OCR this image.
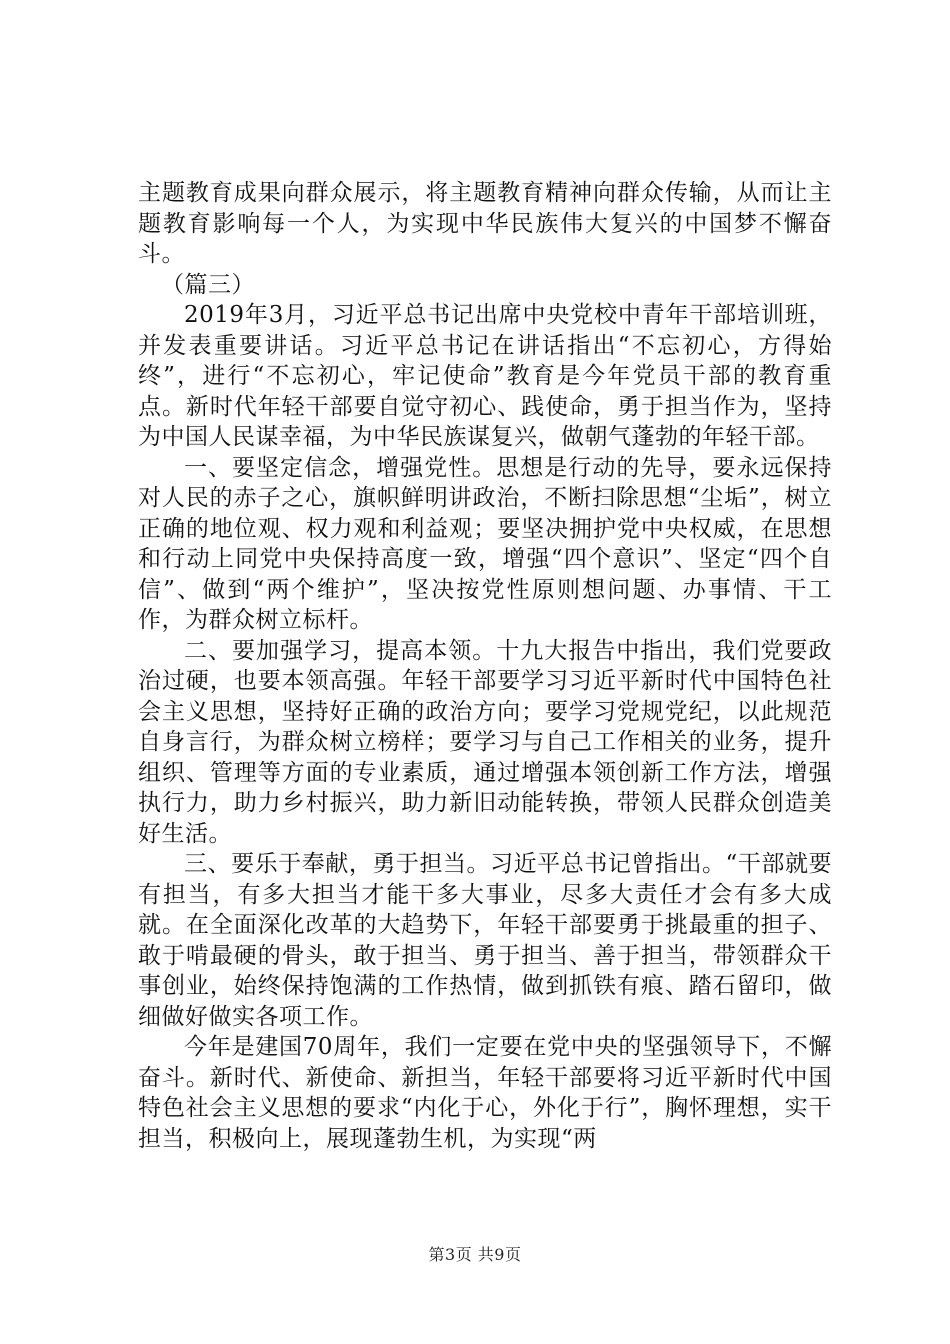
主题教育成果向群众展示，将主题教育精神向群众传输，从而让主题教育影响每一个人，为实现中华民族伟大复兴的中国梦不懈奋斗。

（篇三）

2019年3月，习近平总书记出席中央党校中青年干部培训班，并发表重要讲话。习近平总书记在讲话指出“不忘初心，方得始终”，进行“不忘初心，牢记使命”教育是今年党员干部的教育重点。新时代年轻干部要自觉守初心、践使命，勇于担当作为，坚持为中国人民谋幸福，为中华民族谋复兴，做朝气蓬勃的年轻干部。

一、要坚定信念，增强党性。思想是行动的先导，要永远保持对人民的赤子之心，旗帜鲜明讲政治，不断扫除思想“尘垢”，树立正确的地位观、权力观和利益观；要坚决拥护党中央权威，在思想和行动上同党中央保持高度一致，增强“四个意识”、坚定“四个自信”、做到“两个维护”，坚决按党性原则想问题、办事情、干工作，为群众树立标杆。

二、要加强学习，提高本领。十九大报告中指出，我们党要政治过硬，也要本领高强。年轻干部要学习习近平新时代中国特色社会主义思想，坚持好正确的政治方向；要学习党规党纪，以此规范自身言行，为群众树立榜样；要学习与自己工作相关的业务，提升组织、管理等方面的专业素质，通过增强本领创新工作方法，增强执行力，助力乡村振兴，助力新旧动能转换，带领人民群众创造美好生活。

三、要乐于奉献，勇于担当。习近平总书记曾指出。“干部就要有担当，有多大担当才能干多大事业，尽多大责任才会有多大成就。在全面深化改革的大趋势下，年轻干部要勇于挑最重的担子、敢于啃最硬的骨头，敢于担当、勇于担当、善于担当，带领群众干事创业，始终保持饱满的工作热情，做到抓铁有痕、踏石留印，做细做好做实各项工作。

今年是建国70周年，我们一定要在党中央的坚强领导下，不懈奋斗。新时代、新使命、新担当，年轻干部要将习近平新时代中国特色社会主义思想的要求“内化于心，外化于行”，胸怀理想，实干担当，积极向上，展现蓬勃生机，为实现“两

第3页 共9页
